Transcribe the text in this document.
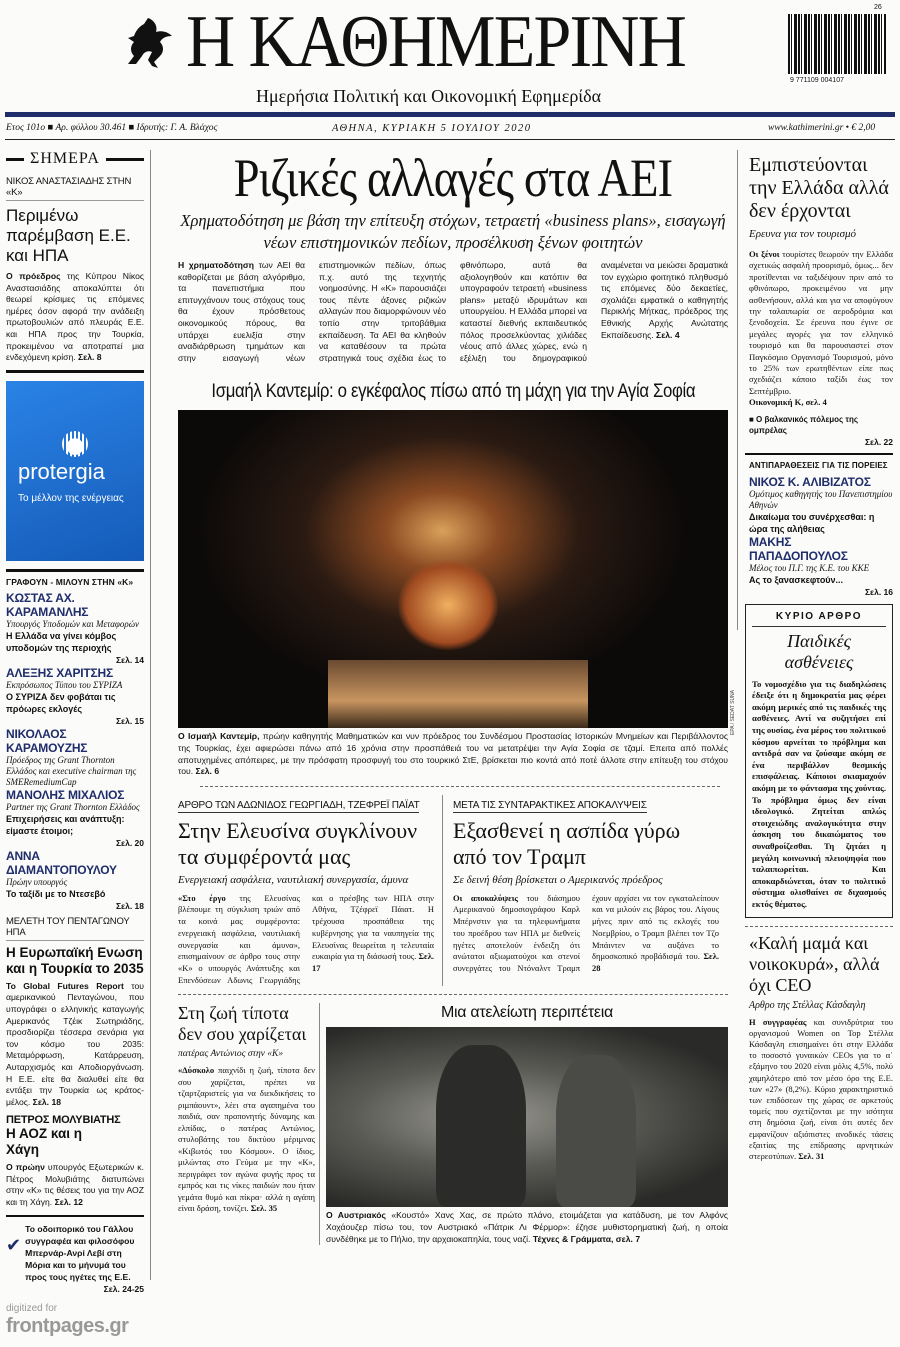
Η ΚΑΘΗΜΕΡΙΝΗ
Ημερήσια Πολιτική και Οικονομική Εφημερίδα
26
9 771109 004107
Ετος 101ο ■ Αρ. φύλλου 30.461 ■ Ιδρυτής: Γ. Α. Βλάχος	ΑΘΗΝΑ, ΚΥΡΙΑΚΗ 5 ΙΟΥΛΙΟΥ 2020	www.kathimerini.gr • € 2,00
ΣΗΜΕΡΑ
ΝΙΚΟΣ ΑΝΑΣΤΑΣΙΑΔΗΣ ΣΤΗΝ «Κ»
Περιμένω παρέμβαση Ε.Ε. και ΗΠΑ

Ο πρόεδρος της Κύπρου Νίκος Αναστασιάδης αποκαλύπτει ότι θεωρεί κρίσιμες τις επόμενες ημέρες όσον αφορά την ανάδειξη πρωτοβουλιών από πλευράς Ε.Ε. και ΗΠΑ προς την Τουρκία, προκειμένου να αποτραπεί μια ενδεχόμενη κρίση. Σελ. 8

protergia
Το μέλλον της ενέργειας
ΓΡΑΦΟΥΝ - ΜΙΛΟΥΝ ΣΤΗΝ «Κ»
ΚΩΣΤΑΣ ΑΧ. ΚΑΡΑΜΑΝΛΗΣ
Υπουργός Υποδομών και Μεταφορών
Η Ελλάδα να γίνει κόμβος υποδομών της περιοχής
Σελ. 14
ΑΛΕΞΗΣ ΧΑΡΙΤΣΗΣ
Εκπρόσωπος Τύπου του ΣΥΡΙΖΑ
Ο ΣΥΡΙΖΑ δεν φοβάται τις πρόωρες εκλογές
Σελ. 15
ΝΙΚΟΛΑΟΣ ΚΑΡΑΜΟΥΖΗΣ
Πρόεδρος της Grant Thornton Ελλάδος και executive chairman της SMERemediumCap
ΜΑΝΟΛΗΣ ΜΙΧΑΛΙΟΣ
Partner της Grant Thornton Ελλάδος
Επιχειρήσεις και ανάπτυξη: είμαστε έτοιμοι;
Σελ. 20
ΑΝΝΑ ΔΙΑΜΑΝΤΟΠΟΥΛΟΥ
Πρώην υπουργός
Το ταξίδι με το Ντεσεβό
Σελ. 18
ΜΕΛΕΤΗ ΤΟΥ ΠΕΝΤΑΓΩΝΟΥ ΗΠΑ
Η Ευρωπαϊκή Ενωση και η Τουρκία το 2035

Το Global Futures Report του αμερικανικού Πενταγώνου, που υπογράφει ο ελληνικής καταγωγής Αμερικανός Τζέικ Σωτηριάδης, προσδιορίζει τέσσερα σενάρια για τον κόσμο του 2035: Μεταμόρφωση, Κατάρρευση, Αυταρχισμός και Αποδιοργάνωση. Η Ε.Ε. είτε θα διαλυθεί είτε θα εντάξει την Τουρκία ως κράτος-μέλος. Σελ. 18

ΠΕΤΡΟΣ ΜΟΛΥΒΙΑΤΗΣ
Η ΑΟΖ και η Χάγη

Ο πρώην υπουργός Εξωτερικών κ. Πέτρος Μολυβιάτης διατυπώνει στην «Κ» τις θέσεις του για την ΑΟΖ και τη Χάγη. Σελ. 12

✔
Το οδοιπορικό του Γάλλου συγγραφέα και φιλοσόφου Μπερνάρ-Ανρί Λεβί στη Μόρια και το μήνυμά του προς τους ηγέτες της Ε.Ε.
Σελ. 24-25
digitized for
frontpages.gr
Ριζικές αλλαγές στα ΑΕΙ
Χρηματοδότηση με βάση την επίτευξη στόχων, τετραετή «business plans», εισαγωγή νέων επιστημονικών πεδίων, προσέλκυση ξένων φοιτητών

Η χρηματοδότηση των ΑΕΙ θα καθορίζεται με βάση αλγόριθμο, τα πανεπιστήμια που επιτυγχάνουν τους στόχους τους θα έχουν πρόσθετους οικονομικούς πόρους, θα υπάρχει ευελιξία στην αναδιάρθρωση τμημάτων και στην εισαγωγή νέων επιστημονικών πεδίων, όπως π.χ. αυτό της τεχνητής νοημοσύνης. Η «Κ» παρουσιάζει τους πέντε άξονες ριζικών αλλαγών που διαμορφώνουν νέο τοπίο στην τριτοβάθμια εκπαίδευση. Τα ΑΕΙ θα κληθούν να καταθέσουν τα πρώτα στρατηγικά τους σχέδια έως το φθινόπωρο, αυτά θα αξιολογηθούν και κατόπιν θα υπογραφούν τετραετή «business plans» μεταξύ ιδρυμάτων και υπουργείου. Η Ελλάδα μπορεί να καταστεί διεθνής εκπαιδευτικός πόλος προσελκύοντας χιλιάδες νέους από άλλες χώρες, ενώ η εξέλιξη του δημογραφικού αναμένεται να μειώσει δραματικά τον εγχώριο φοιτητικό πληθυσμό τις επόμενες δύο δεκαετίες, σχολιάζει εμφατικά ο καθηγητής Περικλής Μήτκας, πρόεδρος της Εθνικής Αρχής Ανώτατης Εκπαίδευσης. Σελ. 4

Ισμαήλ Καντεμίρ: ο εγκέφαλος πίσω από τη μάχη για την Αγία Σοφία

Ο Ισμαήλ Καντεμίρ, πρώην καθηγητής Μαθηματικών και νυν πρόεδρος του Συνδέσμου Προστασίας Ιστορικών Μνημείων και Περιβάλλοντος της Τουρκίας, έχει αφιερώσει πάνω από 16 χρόνια στην προσπάθειά του να μετατρέψει την Αγία Σοφία σε τζαμί. Επειτα από πολλές αποτυχημένες απόπειρες, με την πρόσφατη προσφυγή του στο τουρκικό ΣτΕ, βρίσκεται πιο κοντά από ποτέ άλλοτε στην επίτευξη του στόχου του. Σελ. 6

ΑΡΘΡΟ ΤΩΝ ΑΔΩΝΙΔΟΣ ΓΕΩΡΓΙΑΔΗ, ΤΖΕΦΡΕΪ ΠΑΪΑΤ
Στην Ελευσίνα συγκλίνουν τα συμφέροντά μας
Ενεργειακή ασφάλεια, ναυτιλιακή συνεργασία, άμυνα

«Στο έργο της Ελευσίνας βλέπουμε τη σύγκλιση τριών από τα κοινά μας συμφέροντα: ενεργειακή ασφάλεια, ναυτιλιακή συνεργασία και άμυνα», επισημαίνουν σε άρθρο τους στην «Κ» ο υπουργός Ανάπτυξης και Επενδύσεων Αδωνις Γεωργιάδης και ο πρέσβης των ΗΠΑ στην Αθήνα, Τζέφρεϊ Πάιατ. Η τρέχουσα προσπάθεια της κυβέρνησης για τα ναυπηγεία της Ελευσίνας θεωρείται η τελευταία ευκαιρία για τη διάσωσή τους. Σελ. 17

ΜΕΤΑ ΤΙΣ ΣΥΝΤΑΡΑΚΤΙΚΕΣ ΑΠΟΚΑΛΥΨΕΙΣ
Εξασθενεί η ασπίδα γύρω από τον Τραμπ
Σε δεινή θέση βρίσκεται ο Αμερικανός πρόεδρος

Οι αποκαλύψεις του διάσημου Αμερικανού δημοσιογράφου Καρλ Μπέρνστιν για τα τηλεφωνήματα του προέδρου των ΗΠΑ με διεθνείς ηγέτες αποτελούν ένδειξη ότι ανώτατοι αξιωματούχοι και στενοί συνεργάτες του Ντόναλντ Τραμπ έχουν αρχίσει να τον εγκαταλείπουν και να μιλούν εις βάρος του. Λίγους μήνες πριν από τις εκλογές του Νοεμβρίου, ο Τραμπ βλέπει τον Τζο Μπάιντεν να αυξάνει το δημοσκοπικό προβάδισμά του. Σελ. 28

Στη ζωή τίποτα δεν σου χαρίζεται
πατέρας Αντώνιος στην «Κ»

«Δύσκολο παιχνίδι η ζωή, τίποτα δεν σου χαρίζεται, πρέπει να τζαρτζαριστείς για να διεκδικήσεις το ριμπάουντ», λέει στα αγαπημένα του παιδιά, σαν προπονητής δύναμης και ελπίδας, ο πατέρας Αντώνιος, στυλοβάτης του δικτύου μέριμνας «Κιβωτός του Κόσμου». Ο ίδιος, μιλώντας στο Γεύμα με την «Κ», περιγράφει τον αγώνα φυγής προς τα εμπρός και τις νίκες παιδιών που ήταν γεμάτα θυμό και πίκρα· αλλά η αγάπη είναι δράση, τονίζει. Σελ. 35

Μια ατελείωτη περιπέτεια

Ο Αυστριακός «Κουστό» Χανς Χας, σε πρώτο πλάνο, ετοιμάζεται για κατάδυση, με τον Αλφόνς Χοχάουζερ πίσω του, τον Αυστριακό «Πάτρικ Λι Φέρμορ»: έζησε μυθιστορηματική ζωή, η οποία συνδέθηκε με το Πήλιο, την αρχαιοκαπηλία, τους ναζί. Τέχνες & Γράμματα, σελ. 7

EPA / SEDAT SUNA
Εμπιστεύονται την Ελλάδα αλλά δεν έρχονται
Ερευνα για τον τουρισμό

Οι ξένοι τουρίστες θεωρούν την Ελλάδα σχετικώς ασφαλή προορισμό, όμως... δεν προτίθενται να ταξιδέψουν πριν από το φθινόπωρο, προκειμένου να μην ασθενήσουν, αλλά και για να αποφύγουν την ταλαιπωρία σε αεροδρόμια και ξενοδοχεία. Σε έρευνα που έγινε σε μεγάλες αγορές για τον ελληνικό τουρισμό και θα παρουσιαστεί στον Παγκόσμιο Οργανισμό Τουρισμού, μόνο το 25% των ερωτηθέντων είπε πως σχεδιάζει κάποιο ταξίδι έως τον Σεπτέμβριο.
Οικονομική Κ, σελ. 4

■ Ο βαλκανικός πόλεμος της ομπρέλας
Σελ. 22
ΑΝΤΙΠΑΡΑΘΕΣΕΙΣ ΓΙΑ ΤΙΣ ΠΟΡΕΙΕΣ
ΝΙΚΟΣ Κ. ΑΛΙΒΙΖΑΤΟΣ
Ομότιμος καθηγητής του Πανεπιστημίου Αθηνών
Δικαίωμα του συνέρχεσθαι: η ώρα της αλήθειας
ΜΑΚΗΣ ΠΑΠΑΔΟΠΟΥΛΟΣ
Μέλος του Π.Γ. της Κ.Ε. του ΚΚΕ
Ας το ξανασκεφτούν...
Σελ. 16
ΚΥΡΙΟ ΑΡΘΡΟ
Παιδικές ασθένειες

Το νομοσχέδιο για τις διαδηλώσεις έδειξε ότι η δημοκρατία μας φέρει ακόμη μερικές από τις παιδικές της ασθένειες. Αντί να συζητήσει επί της ουσίας, ένα μέρος του πολιτικού κόσμου αρνείται το πρόβλημα και αντιδρά σαν να ζούσαμε ακόμη σε ένα περιβάλλον θεσμικής επισφάλειας. Κάποιοι σκιαμαχούν ακόμη με το φάντασμα της χούντας. Το πρόβλημα όμως δεν είναι ιδεολογικό. Ζητείται απλώς στοιχειώδης αναλογικότητα στην άσκηση του δικαιώματος του συναθροίζεσθαι. Τη ζητάει η μεγάλη κοινωνική πλειοψηφία που ταλαιπωρείται. Και αποκαρδιώνεται, όταν το πολιτικό σύστημα ολισθαίνει σε διχασμούς εκτός θέματος.

«Καλή μαμά και νοικοκυρά», αλλά όχι CEO
Αρθρο της Στέλλας Κάσδαγλη

Η συγγραφέας και συνιδρύτρια του οργανισμού Women on Top Στέλλα Κάσδαγλη επισημαίνει ότι στην Ελλάδα το ποσοστό γυναικών CEOs για το α΄ εξάμηνο του 2020 είναι μόλις 4,5%, πολύ χαμηλότερο από τον μέσο όρο της Ε.Ε. των «27» (8,2%). Κύριο χαρακτηριστικό των επιδόσεων της χώρας σε αρκετούς τομείς που σχετίζονται με την ισότητα στη δημόσια ζωή, είναι ότι αυτές δεν εμφανίζουν αξιόπιστες ανοδικές τάσεις εξαιτίας της επίδρασης αρνητικών στερεοτύπων. Σελ. 31
